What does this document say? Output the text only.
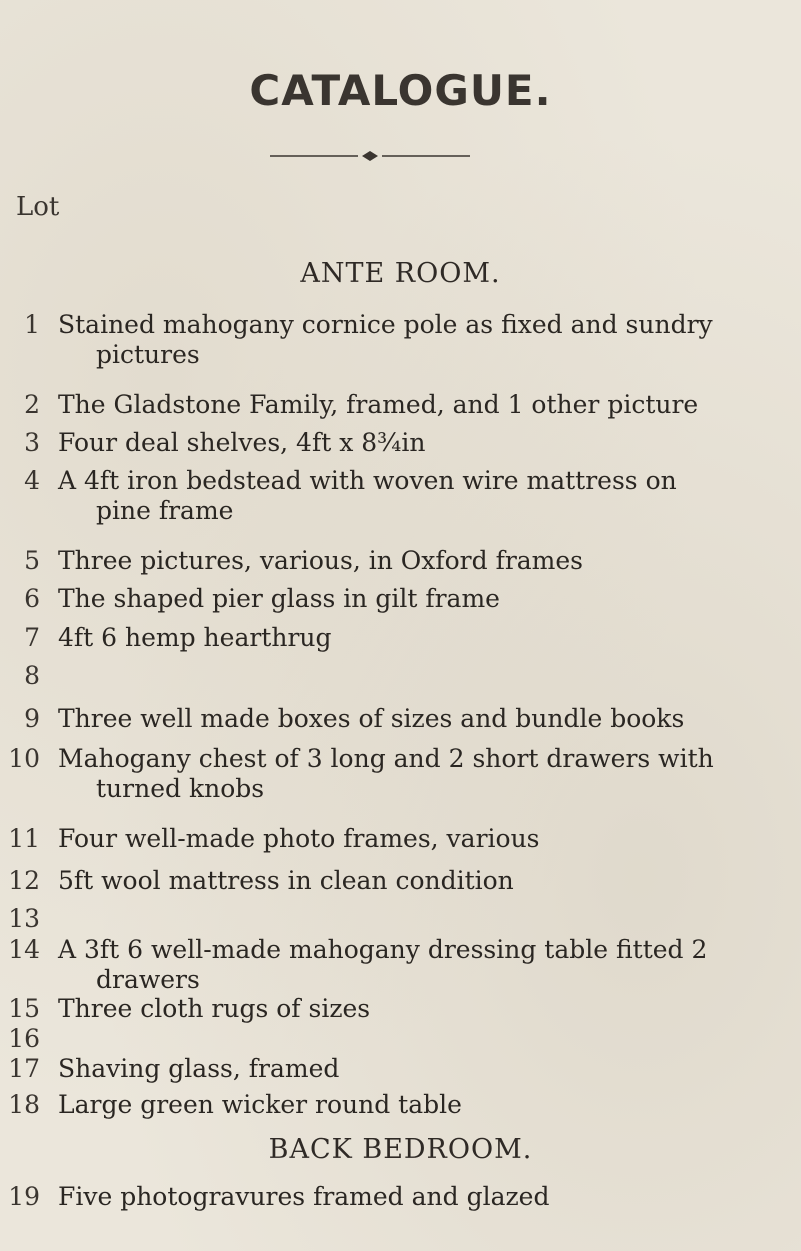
CATALOGUE.
Lot
ANTE ROOM.
1 Stained mahogany cornice pole as fixed and sundry
pictures
2 The Gladstone Family, framed, and 1 other picture
3 Four deal shelves, 4ft x 8¾in
4 A 4ft iron bedstead with woven wire mattress on
pine frame
5 Three pictures, various, in Oxford frames
6 The shaped pier glass in gilt frame
7 4ft 6 hemp hearthrug
8
9 Three well made boxes of sizes and bundle books
10 Mahogany chest of 3 long and 2 short drawers with
turned knobs
11 Four well-made photo frames, various
12 5ft wool mattress in clean condition
13
14 A 3ft 6 well-made mahogany dressing table fitted 2
drawers
15 Three cloth rugs of sizes
16
17 Shaving glass, framed
18 Large green wicker round table
BACK BEDROOM.
19 Five photogravures framed and glazed
